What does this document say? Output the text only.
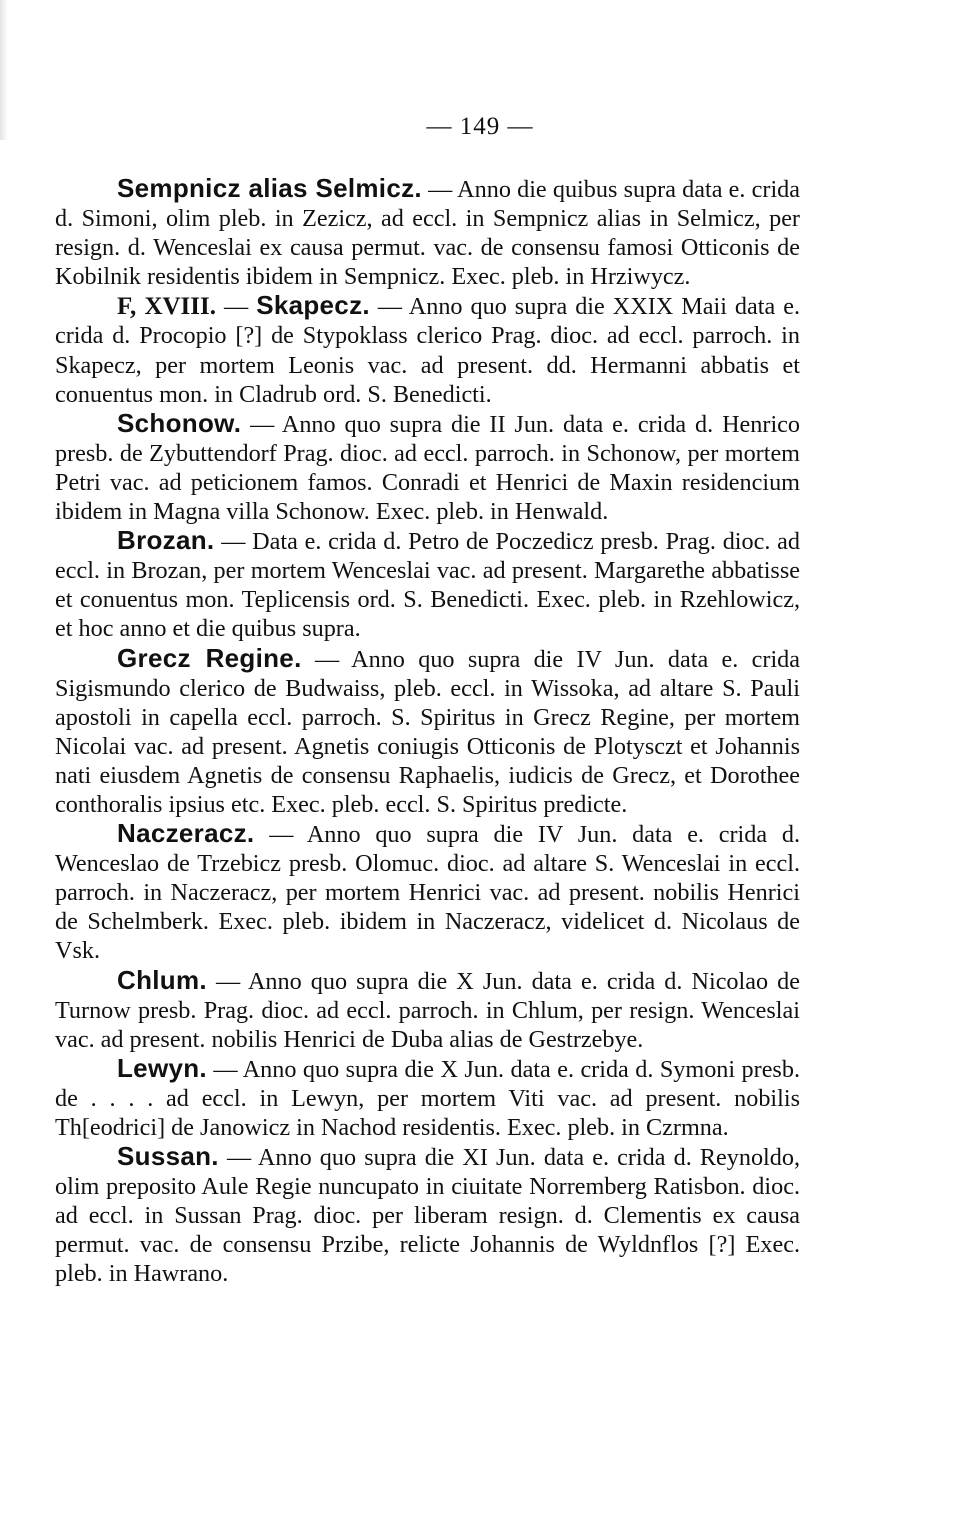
— 149 —

Sempnicz alias Selmicz. — Anno die quibus supra data e. crida d. Simoni, olim pleb. in Zezicz, ad eccl. in Sempnicz alias in Selmicz, per resign. d. Wenceslai ex causa permut. vac. de consensu famosi Otticonis de Kobilnik residentis ibidem in Sempnicz. Exec. pleb. in Hrziwycz.

F, XVIII. — Skapecz. — Anno quo supra die XXIX Maii data e. crida d. Procopio [?] de Stypoklass clerico Prag. dioc. ad eccl. parroch. in Skapecz, per mortem Leonis vac. ad present. dd. Hermanni abbatis et conuentus mon. in Cladrub ord. S. Benedicti.

Schonow. — Anno quo supra die II Jun. data e. crida d. Henrico presb. de Zybuttendorf Prag. dioc. ad eccl. parroch. in Schonow, per mortem Petri vac. ad peticionem famos. Conradi et Henrici de Maxin residencium ibidem in Magna villa Schonow. Exec. pleb. in Henwald.

Brozan. — Data e. crida d. Petro de Poczedicz presb. Prag. dioc. ad eccl. in Brozan, per mortem Wenceslai vac. ad present. Margarethe abbatisse et conuentus mon. Teplicensis ord. S. Benedicti. Exec. pleb. in Rzehlowicz, et hoc anno et die quibus supra.

Grecz Regine. — Anno quo supra die IV Jun. data e. crida Sigismundo clerico de Budwaiss, pleb. eccl. in Wissoka, ad altare S. Pauli apostoli in capella eccl. parroch. S. Spiritus in Grecz Regine, per mortem Nicolai vac. ad present. Agnetis coniugis Otticonis de Plotysczt et Johannis nati eiusdem Agnetis de consensu Raphaelis, iudicis de Grecz, et Dorothee conthoralis ipsius etc. Exec. pleb. eccl. S. Spiritus predicte.

Naczeracz. — Anno quo supra die IV Jun. data e. crida d. Wenceslao de Trzebicz presb. Olomuc. dioc. ad altare S. Wenceslai in eccl. parroch. in Naczeracz, per mortem Henrici vac. ad present. nobilis Henrici de Schelmberk. Exec. pleb. ibidem in Naczeracz, videlicet d. Nicolaus de Vsk.

Chlum. — Anno quo supra die X Jun. data e. crida d. Nicolao de Turnow presb. Prag. dioc. ad eccl. parroch. in Chlum, per resign. Wenceslai vac. ad present. nobilis Henrici de Duba alias de Gestrzebye.

Lewyn. — Anno quo supra die X Jun. data e. crida d. Symoni presb. de . . . . ad eccl. in Lewyn, per mortem Viti vac. ad present. nobilis Th[eodrici] de Janowicz in Nachod residentis. Exec. pleb. in Czrmna.

Sussan. — Anno quo supra die XI Jun. data e. crida d. Reynoldo, olim preposito Aule Regie nuncupato in ciuitate Norremberg Ratisbon. dioc. ad eccl. in Sussan Prag. dioc. per liberam resign. d. Clementis ex causa permut. vac. de consensu Przibe, relicte Johannis de Wyldnflos [?] Exec. pleb. in Hawrano.
